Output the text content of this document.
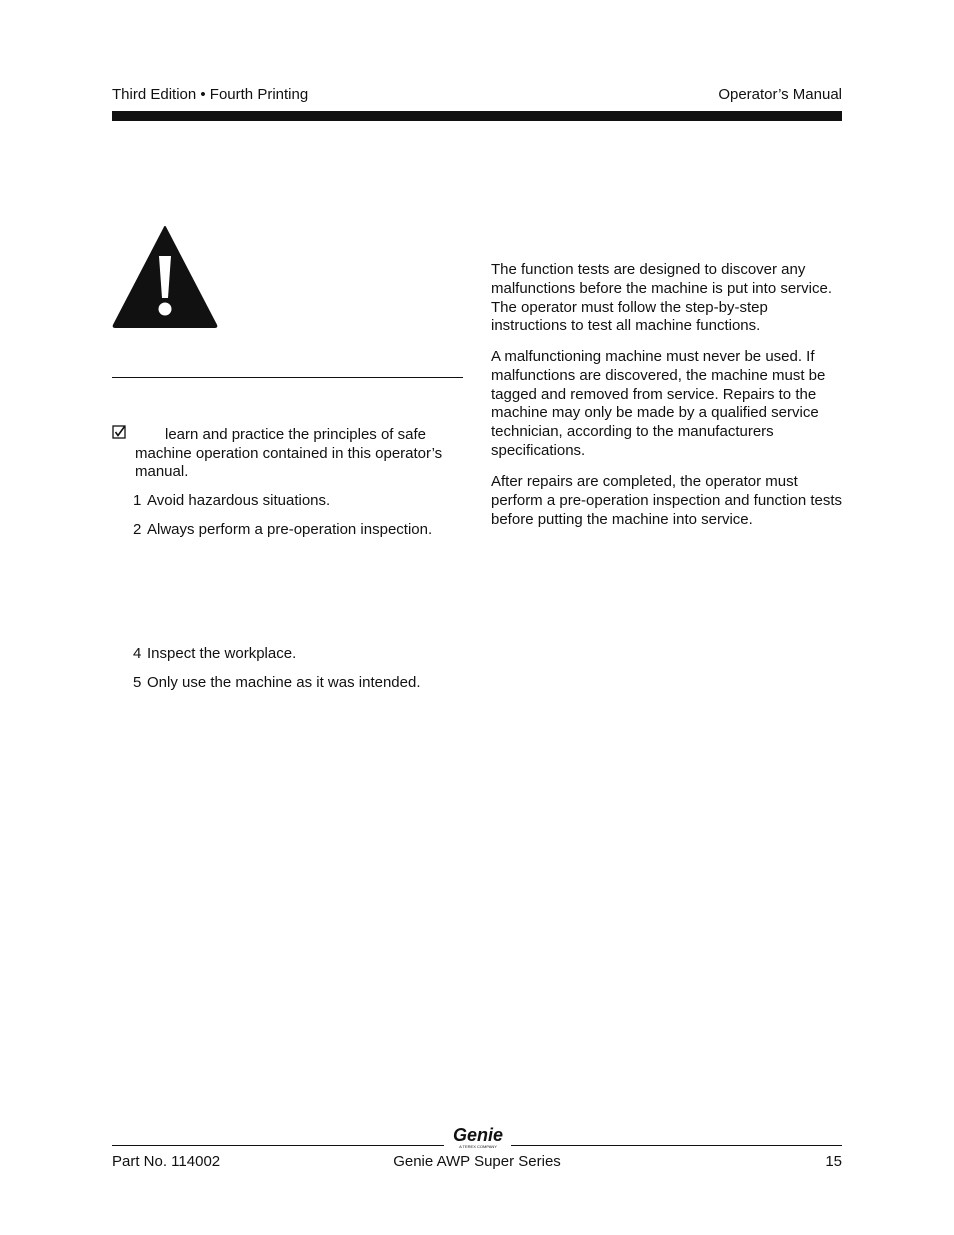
Third Edition • Fourth Printing	Operator’s Manual
learn and practice the principles of safe machine operation contained in this operator’s manual.
1 Avoid hazardous situations.
2 Always perform a pre-operation inspection.
4 Inspect the workplace.
5 Only use the machine as it was intended.
The function tests are designed to discover any malfunctions before the machine is put into service. The operator must follow the step-by-step instructions to test all machine functions.
A malfunctioning machine must never be used. If malfunctions are discovered, the machine must be tagged and removed from service. Repairs to the machine may only be made by a qualified service technician, according to the manufacturers specifications.
After repairs are completed, the operator must perform a pre-operation inspection and function tests before putting the machine into service.
Genie
A TEREX COMPANY
Part No. 114002	Genie AWP Super Series	15
